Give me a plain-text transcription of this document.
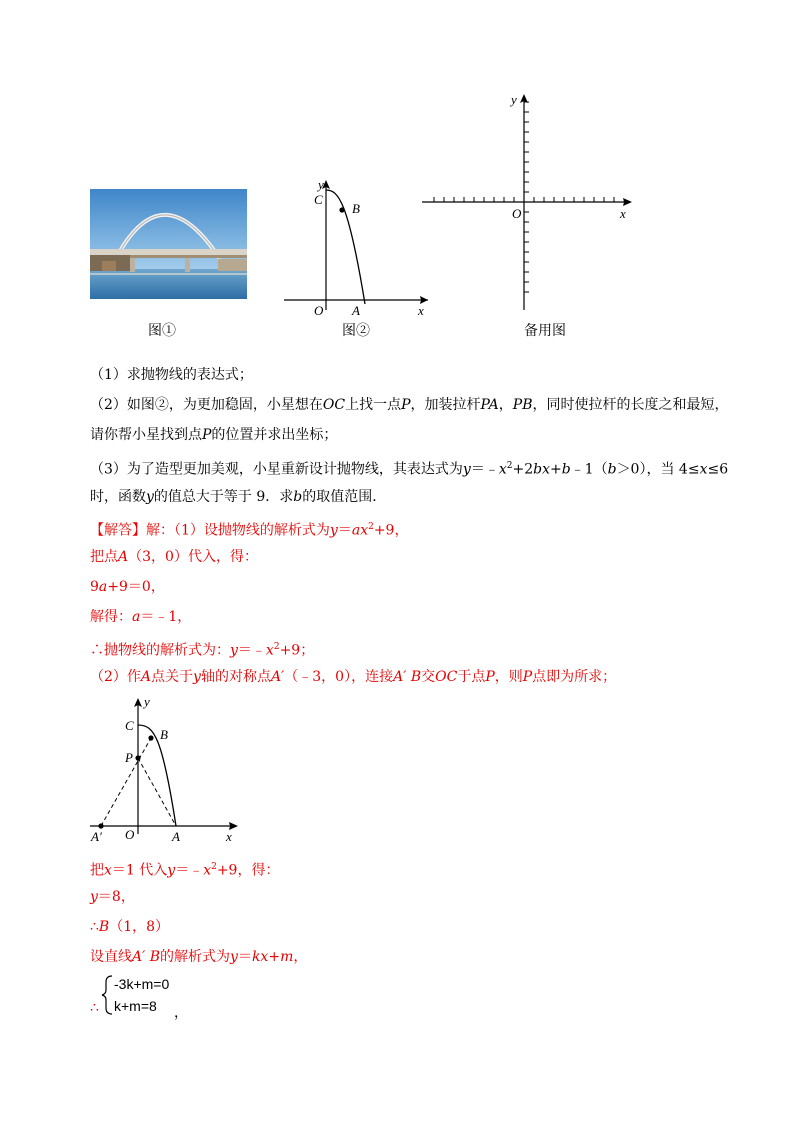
图①
y
C
B
O A	x
图②
y
O	x
备用图
（1）求抛物线的表达式；
（2）如图②，为更加稳固，小星想在OC上找一点P，加装拉杆PA，PB，同时使拉杆的长度之和最短，
请你帮小星找到点P的位置并求出坐标；
（3）为了造型更加美观，小星重新设计抛物线，其表达式为$y=﹣x^2+2bx+b﹣1(b>0)$，当 4≤x≤6
时，函数y的值总大于等于 9．求b的取值范围．
【解答】解：（1）设抛物线的解析式为$y=ax^2+9$，
把点A（3，0）代入，得：
9a+9＝0，
解得：a＝﹣1，
∴抛物线的解析式为：$y=﹣x^2+9$；
（2）作A点关于y轴的对称点A′（﹣3，0），连接A′ B交OC于点P，则P点即为所求；
y
C
B
P
O	A
A′	x
把x＝1 代入$y=﹣x^2+9$，得：
y＝8，
∴B（1，8）
设直线A′ B的解析式为y＝kx+m，
∴
-3k+m=0
k+m=8 ，
